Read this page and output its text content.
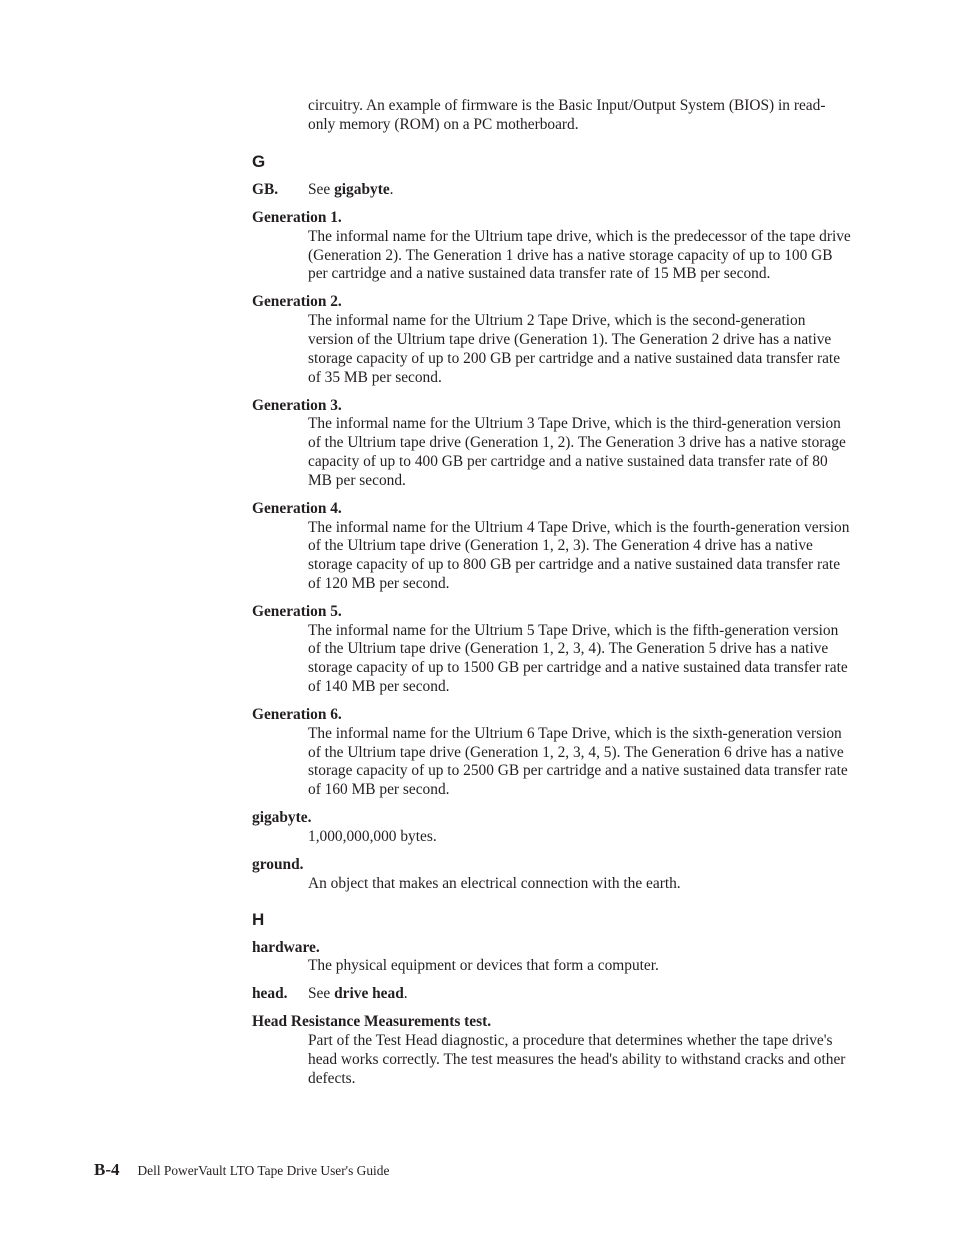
circuitry. An example of firmware is the Basic Input/Output System (BIOS) in read-only memory (ROM) on a PC motherboard.
G
GB.	See gigabyte.
Generation 1.
The informal name for the Ultrium tape drive, which is the predecessor of the tape drive (Generation 2). The Generation 1 drive has a native storage capacity of up to 100 GB per cartridge and a native sustained data transfer rate of 15 MB per second.
Generation 2.
The informal name for the Ultrium 2 Tape Drive, which is the second-generation version of the Ultrium tape drive (Generation 1). The Generation 2 drive has a native storage capacity of up to 200 GB per cartridge and a native sustained data transfer rate of 35 MB per second.
Generation 3.
The informal name for the Ultrium 3 Tape Drive, which is the third-generation version of the Ultrium tape drive (Generation 1, 2). The Generation 3 drive has a native storage capacity of up to 400 GB per cartridge and a native sustained data transfer rate of 80 MB per second.
Generation 4.
The informal name for the Ultrium 4 Tape Drive, which is the fourth-generation version of the Ultrium tape drive (Generation 1, 2, 3). The Generation 4 drive has a native storage capacity of up to 800 GB per cartridge and a native sustained data transfer rate of 120 MB per second.
Generation 5.
The informal name for the Ultrium 5 Tape Drive, which is the fifth-generation version of the Ultrium tape drive (Generation 1, 2, 3, 4). The Generation 5 drive has a native storage capacity of up to 1500 GB per cartridge and a native sustained data transfer rate of 140 MB per second.
Generation 6.
The informal name for the Ultrium 6 Tape Drive, which is the sixth-generation version of the Ultrium tape drive (Generation 1, 2, 3, 4, 5). The Generation 6 drive has a native storage capacity of up to 2500 GB per cartridge and a native sustained data transfer rate of 160 MB per second.
gigabyte.
1,000,000,000 bytes.
ground.
An object that makes an electrical connection with the earth.
H
hardware.
The physical equipment or devices that form a computer.
head.	See drive head.
Head Resistance Measurements test.
Part of the Test Head diagnostic, a procedure that determines whether the tape drive's head works correctly. The test measures the head's ability to withstand cracks and other defects.
B-4 Dell PowerVault LTO Tape Drive User's Guide
